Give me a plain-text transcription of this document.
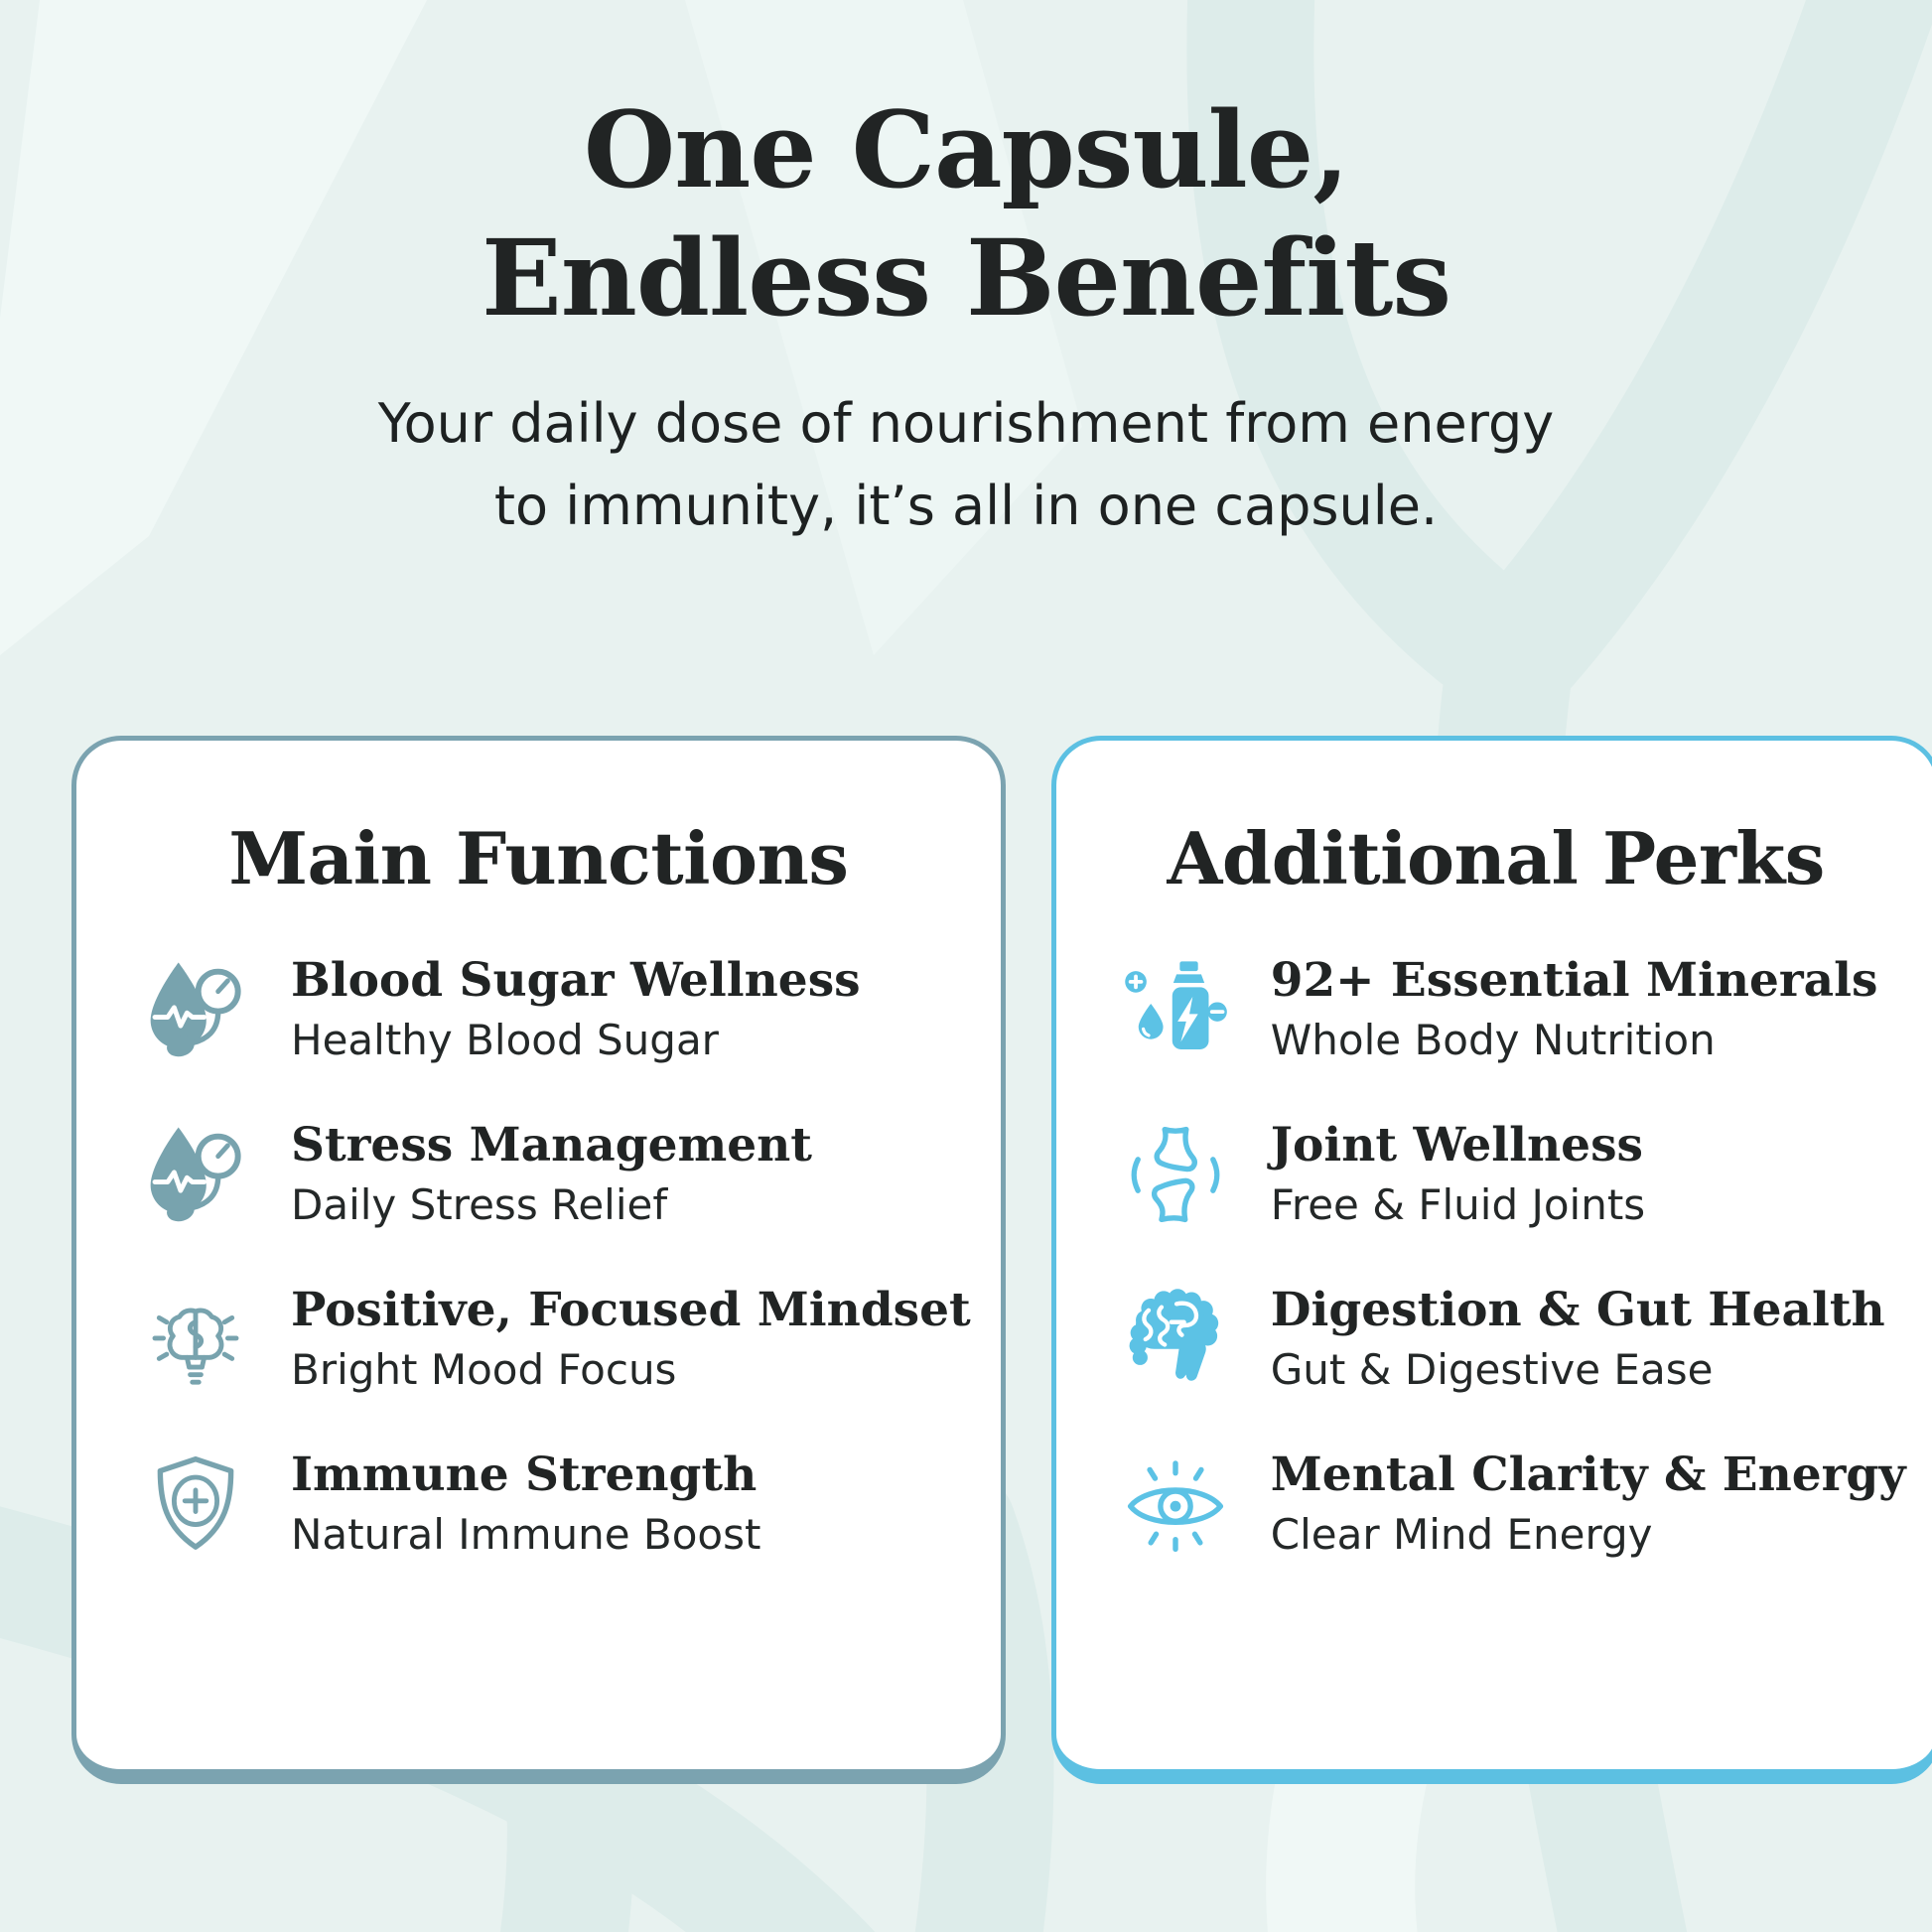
One Capsule,
Endless Benefits
Your daily dose of nourishment from energy
to immunity, it’s all in one capsule.
Main Functions
Blood Sugar Wellness
Healthy Blood Sugar
Stress Management
Daily Stress Relief
Positive, Focused Mindset
Bright Mood Focus
Immune Strength
Natural Immune Boost
Additional Perks
92+ Essential Minerals
Whole Body Nutrition
Joint Wellness
Free & Fluid Joints
Digestion & Gut Health
Gut & Digestive Ease
Mental Clarity & Energy
Clear Mind Energy
